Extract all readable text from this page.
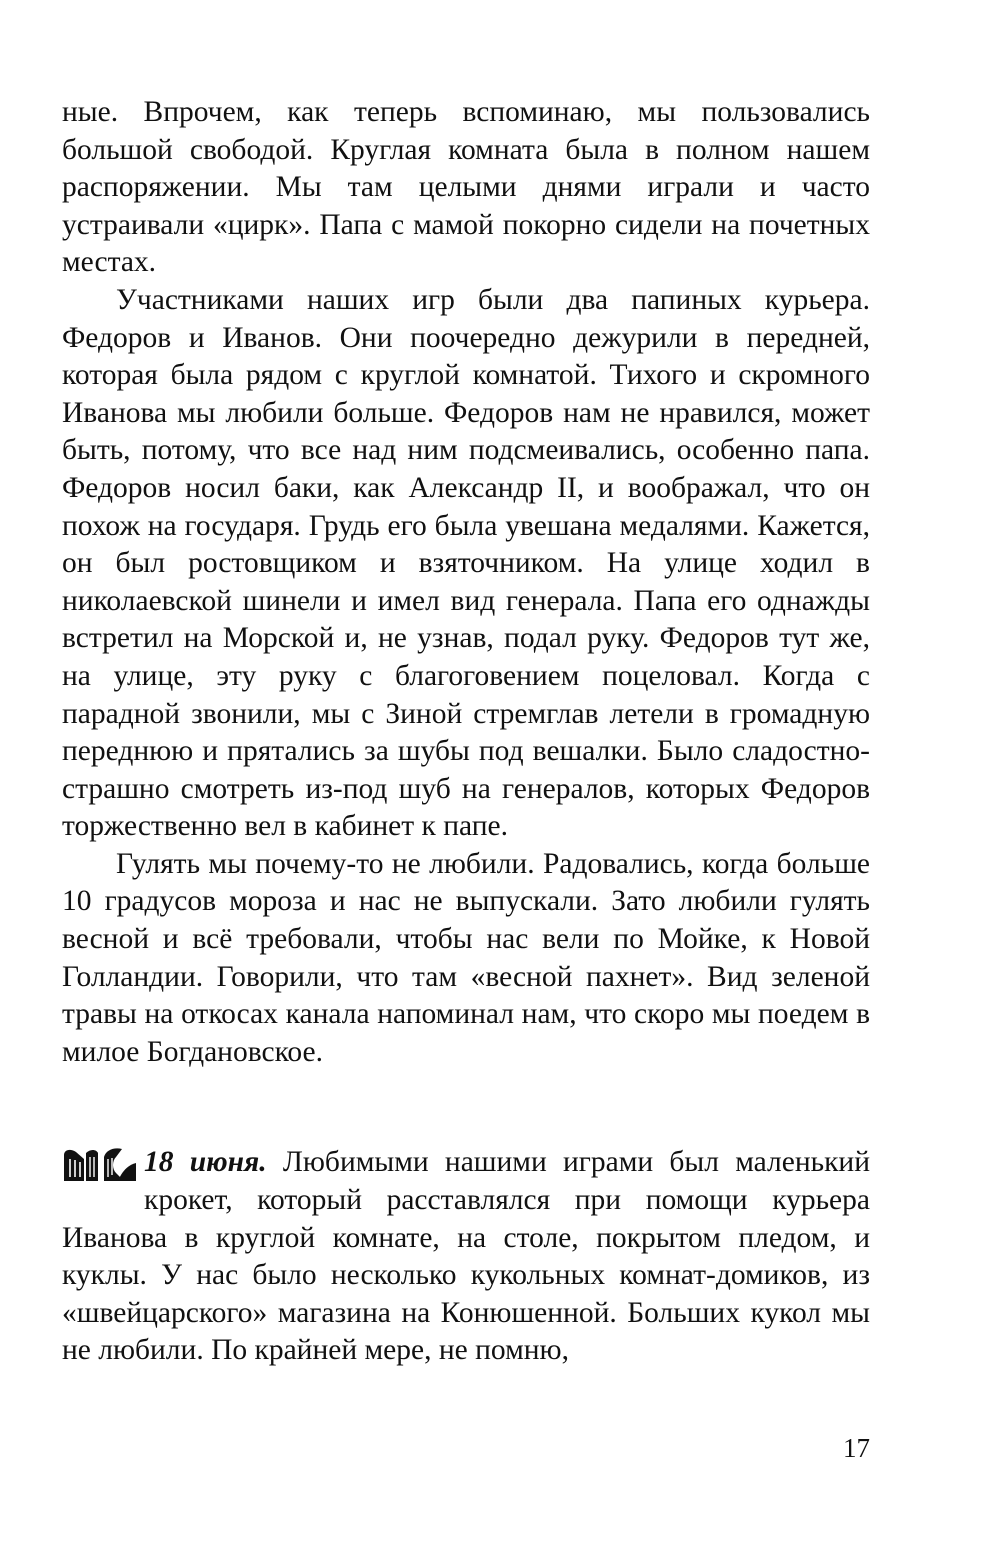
ные. Впрочем, как теперь вспоминаю, мы пользовались большой свободой. Круглая комната была в полном нашем распоряжении. Мы там целыми днями играли и часто устраивали «цирк». Папа с мамой покорно сидели на почетных местах.

Участниками наших игр были два папиных курьера. Федоров и Иванов. Они поочередно дежурили в передней, которая была рядом с круглой комнатой. Тихого и скромного Иванова мы любили больше. Федоров нам не нравился, может быть, потому, что все над ним подсмеивались, особенно папа. Федоров носил баки, как Александр II, и воображал, что он похож на государя. Грудь его была увешана медалями. Кажется, он был ростовщиком и взяточником. На улице ходил в николаевской шинели и имел вид генерала. Папа его однажды встретил на Морской и, не узнав, подал руку. Федоров тут же, на улице, эту руку с благоговением поцеловал. Когда с парадной звонили, мы с Зиной стремглав летели в громадную переднюю и прятались за шубы под вешалки. Было сладостно-страшно смотреть из-под шуб на генералов, которых Федоров торжественно вел в кабинет к папе.

Гулять мы почему-то не любили. Радовались, когда больше 10 градусов мороза и нас не выпускали. Зато любили гулять весной и всё требовали, чтобы нас вели по Мойке, к Новой Голландии. Говорили, что там «весной пахнет». Вид зеленой травы на откосах канала напоминал нам, что скоро мы поедем в милое Богдановское.

18 июня. Любимыми нашими играми был маленький крокет, который расставлялся при помощи курьера Иванова в круглой комнате, на столе, покрытом пледом, и куклы. У нас было несколько кукольных комнат-домиков, из «швейцарского» магазина на Конюшенной. Больших кукол мы не любили. По крайней мере, не помню,

17
